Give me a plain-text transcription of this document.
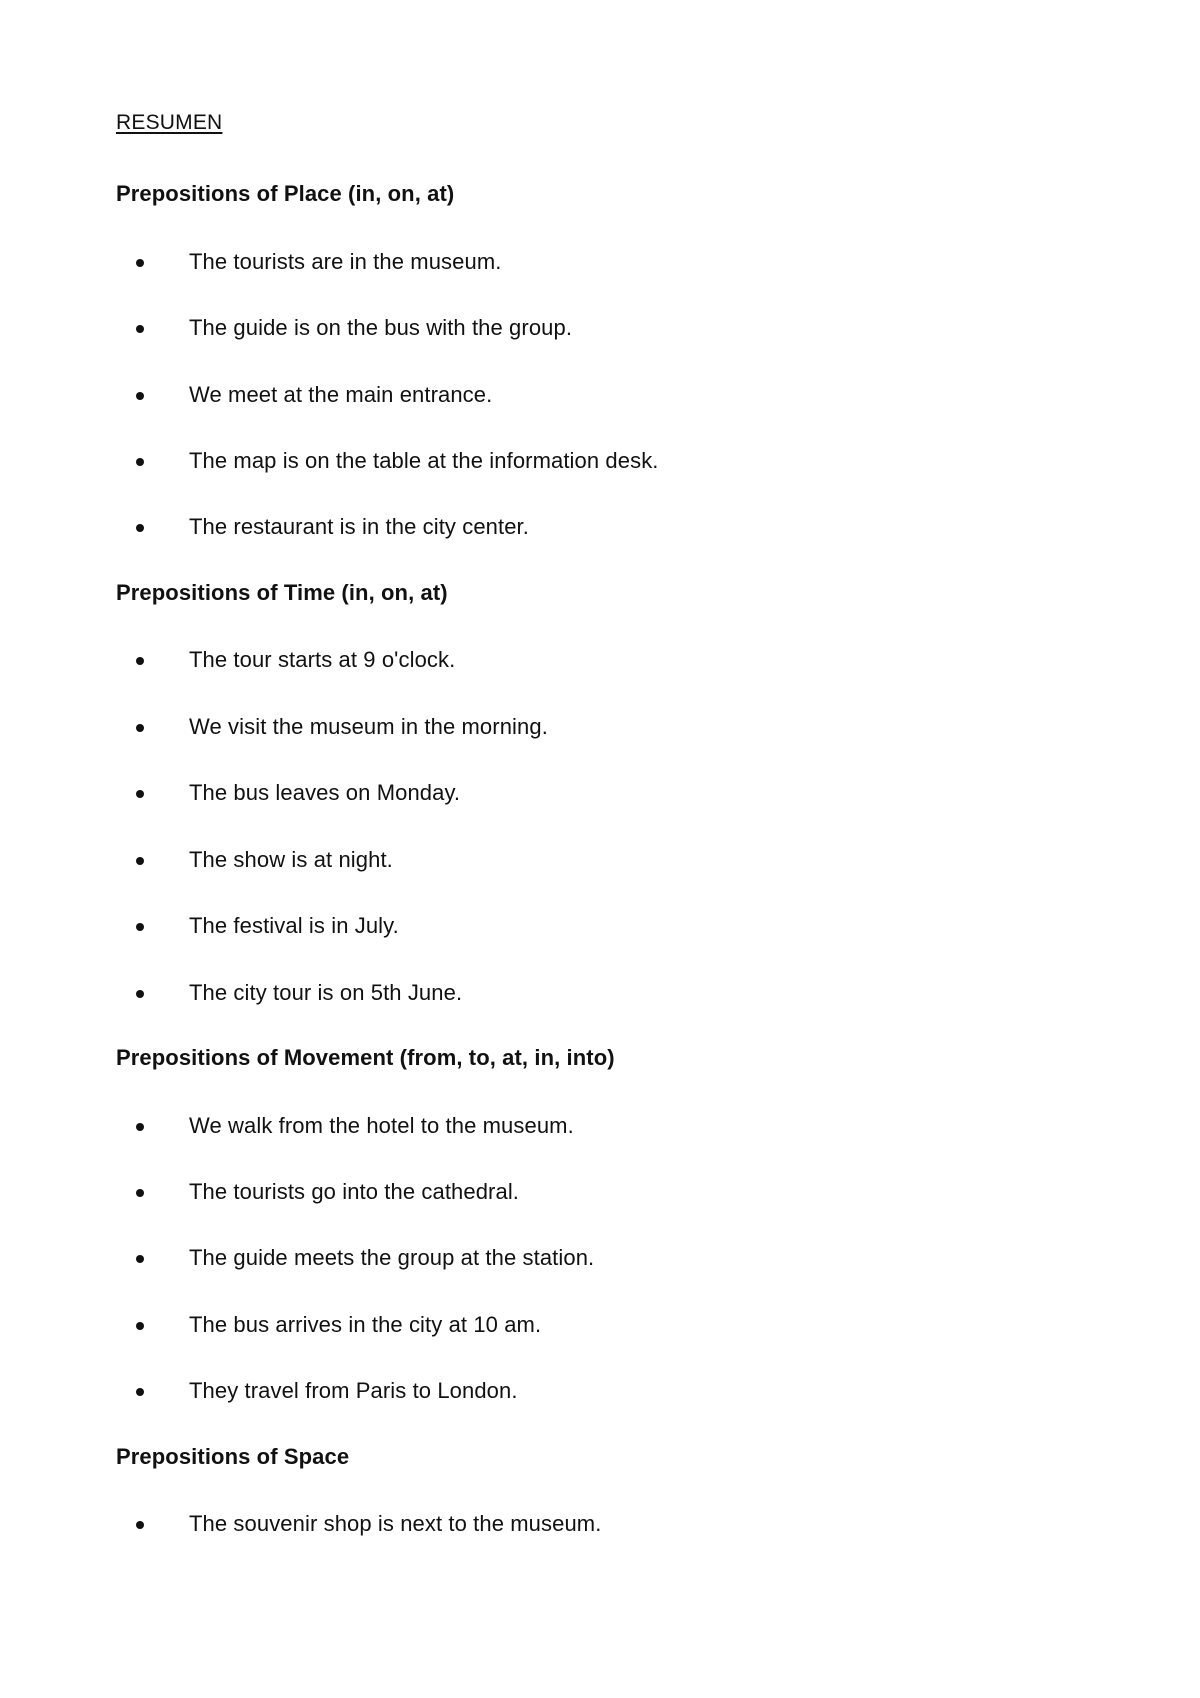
RESUMEN
Prepositions of Place (in, on, at)
The tourists are in the museum.
The guide is on the bus with the group.
We meet at the main entrance.
The map is on the table at the information desk.
The restaurant is in the city center.
Prepositions of Time (in, on, at)
The tour starts at 9 o'clock.
We visit the museum in the morning.
The bus leaves on Monday.
The show is at night.
The festival is in July.
The city tour is on 5th June.
Prepositions of Movement (from, to, at, in, into)
We walk from the hotel to the museum.
The tourists go into the cathedral.
The guide meets the group at the station.
The bus arrives in the city at 10 am.
They travel from Paris to London.
Prepositions of Space
The souvenir shop is next to the museum.
